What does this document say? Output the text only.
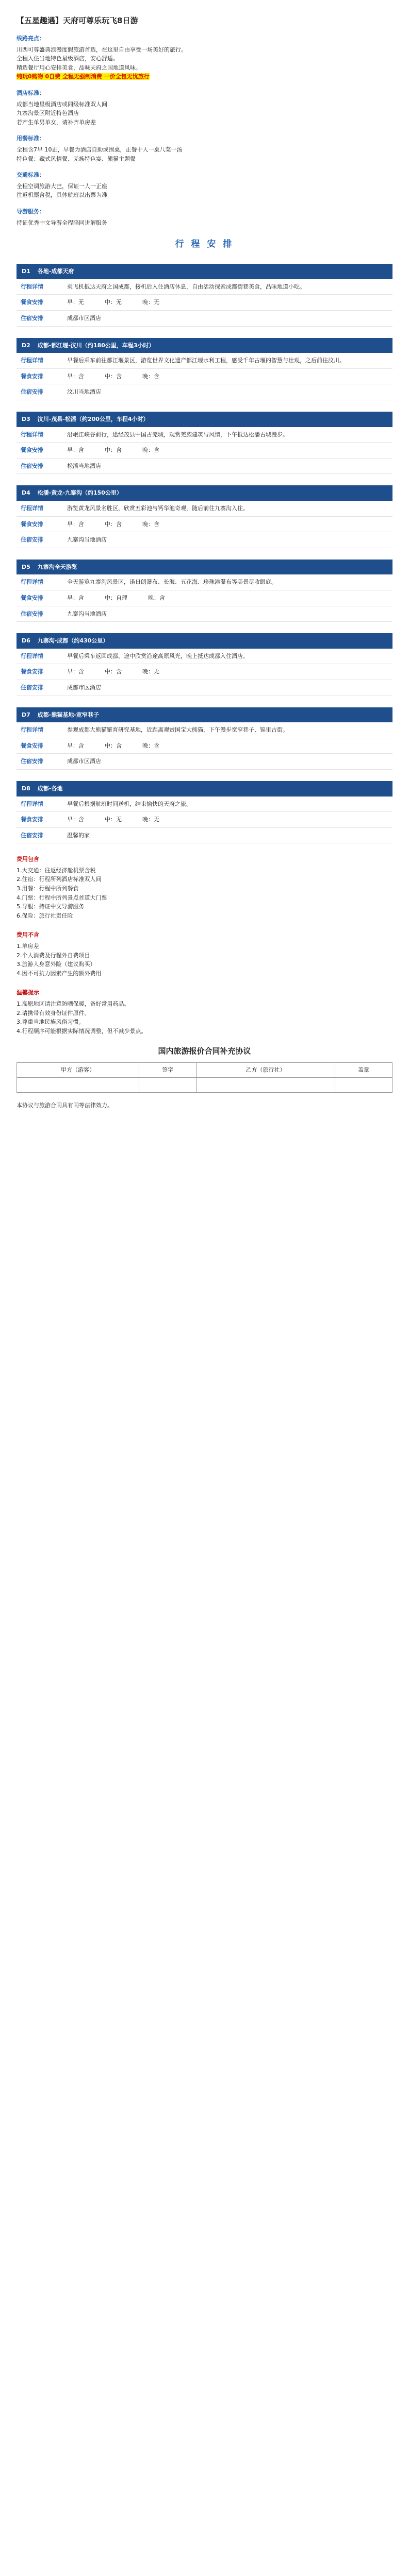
【五星趣遇】天府可尊乐玩飞8日游
线路亮点：
川西可尊盛典浪漫度假旅游首选，在这里自由享受一场美好的旅行。
全程入住当地特色星级酒店，安心舒适。
精选餐厅用心安排美食，品味天府之国地道风味。
纯玩0购物 0自费 全程无强制消费 一价全包无忧旅行
酒店标准：
成都当地星级酒店或同级标准双人间
九寨沟景区附近特色酒店
若产生单男单女，请补齐单房差
用餐标准：
全程含7早 10正，早餐为酒店自助或围桌，正餐十人一桌八菜一汤
特色餐：藏式风情餐、羌族特色宴、熊猫主题餐
交通标准：
全程空调旅游大巴，保证一人一正座
往返机票含税，具体航班以出票为准
导游服务：
持证优秀中文导游全程陪同讲解服务
行 程 安 排
D1 各地-成都天府
行程详情	乘飞机抵达天府之国成都，接机后入住酒店休息，自由活动探索成都街巷美食，品味地道小吃。
餐食安排	早：无 中：无 晚：无

住宿安排	成都市区酒店
D2 成都-都江堰-汶川（约180公里，车程3小时）
行程详情	早餐后乘车前往都江堰景区，游览世界文化遗产都江堰水利工程，感受千年古堰的智慧与壮观，之后前往汶川。
餐食安排	早：含 中：含 晚：含

住宿安排	汶川当地酒店
D3 汶川-茂县-松潘（约200公里，车程4小时）
行程详情	沿岷江峡谷前行，途经茂县中国古羌城，观赏羌族建筑与风情，下午抵达松潘古城漫步。
餐食安排	早：含 中：含 晚：含

住宿安排	松潘当地酒店
D4 松潘-黄龙-九寨沟（约150公里）
行程详情	游览黄龙风景名胜区，欣赏五彩池与钙华池奇观，随后前往九寨沟入住。
餐食安排	早：含 中：含 晚：含

住宿安排	九寨沟当地酒店
D5 九寨沟全天游览
行程详情	全天游览九寨沟风景区，诺日朗瀑布、长海、五花海、珍珠滩瀑布等美景尽收眼底。
餐食安排	早：含 中：自理 晚：含

住宿安排	九寨沟当地酒店
D6 九寨沟-成都（约430公里）
行程详情	早餐后乘车返回成都，途中欣赏沿途高原风光，晚上抵达成都入住酒店。
餐食安排	早：含 中：含 晚：无

住宿安排	成都市区酒店
D7 成都-熊猫基地-宽窄巷子
行程详情	参观成都大熊猫繁育研究基地，近距离观赏国宝大熊猫，下午漫步宽窄巷子、锦里古街。
餐食安排	早：含 中：含 晚：含

住宿安排	成都市区酒店
D8 成都-各地
行程详情	早餐后根据航班时间送机，结束愉快的天府之旅。
餐食安排	早：含 中：无 晚：无

住宿安排	温馨的家
费用包含
1.大交通：往返经济舱机票含税
2.住宿：行程所列酒店标准双人间
3.用餐：行程中所列餐食
4.门票：行程中所列景点首道大门票
5.导服：持证中文导游服务
6.保险：旅行社责任险
费用不含
1.单房差
2.个人消费及行程外自费项目
3.旅游人身意外险（建议购买）
4.因不可抗力因素产生的额外费用
温馨提示
1.高原地区请注意防晒保暖，备好常用药品。
2.请携带有效身份证件原件。
3.尊重当地民族风俗习惯。
4.行程顺序可能根据实际情况调整，但不减少景点。
国内旅游报价合同补充协议
甲方（游客）	签字	乙方（旅行社）	盖章

本协议与旅游合同具有同等法律效力。
